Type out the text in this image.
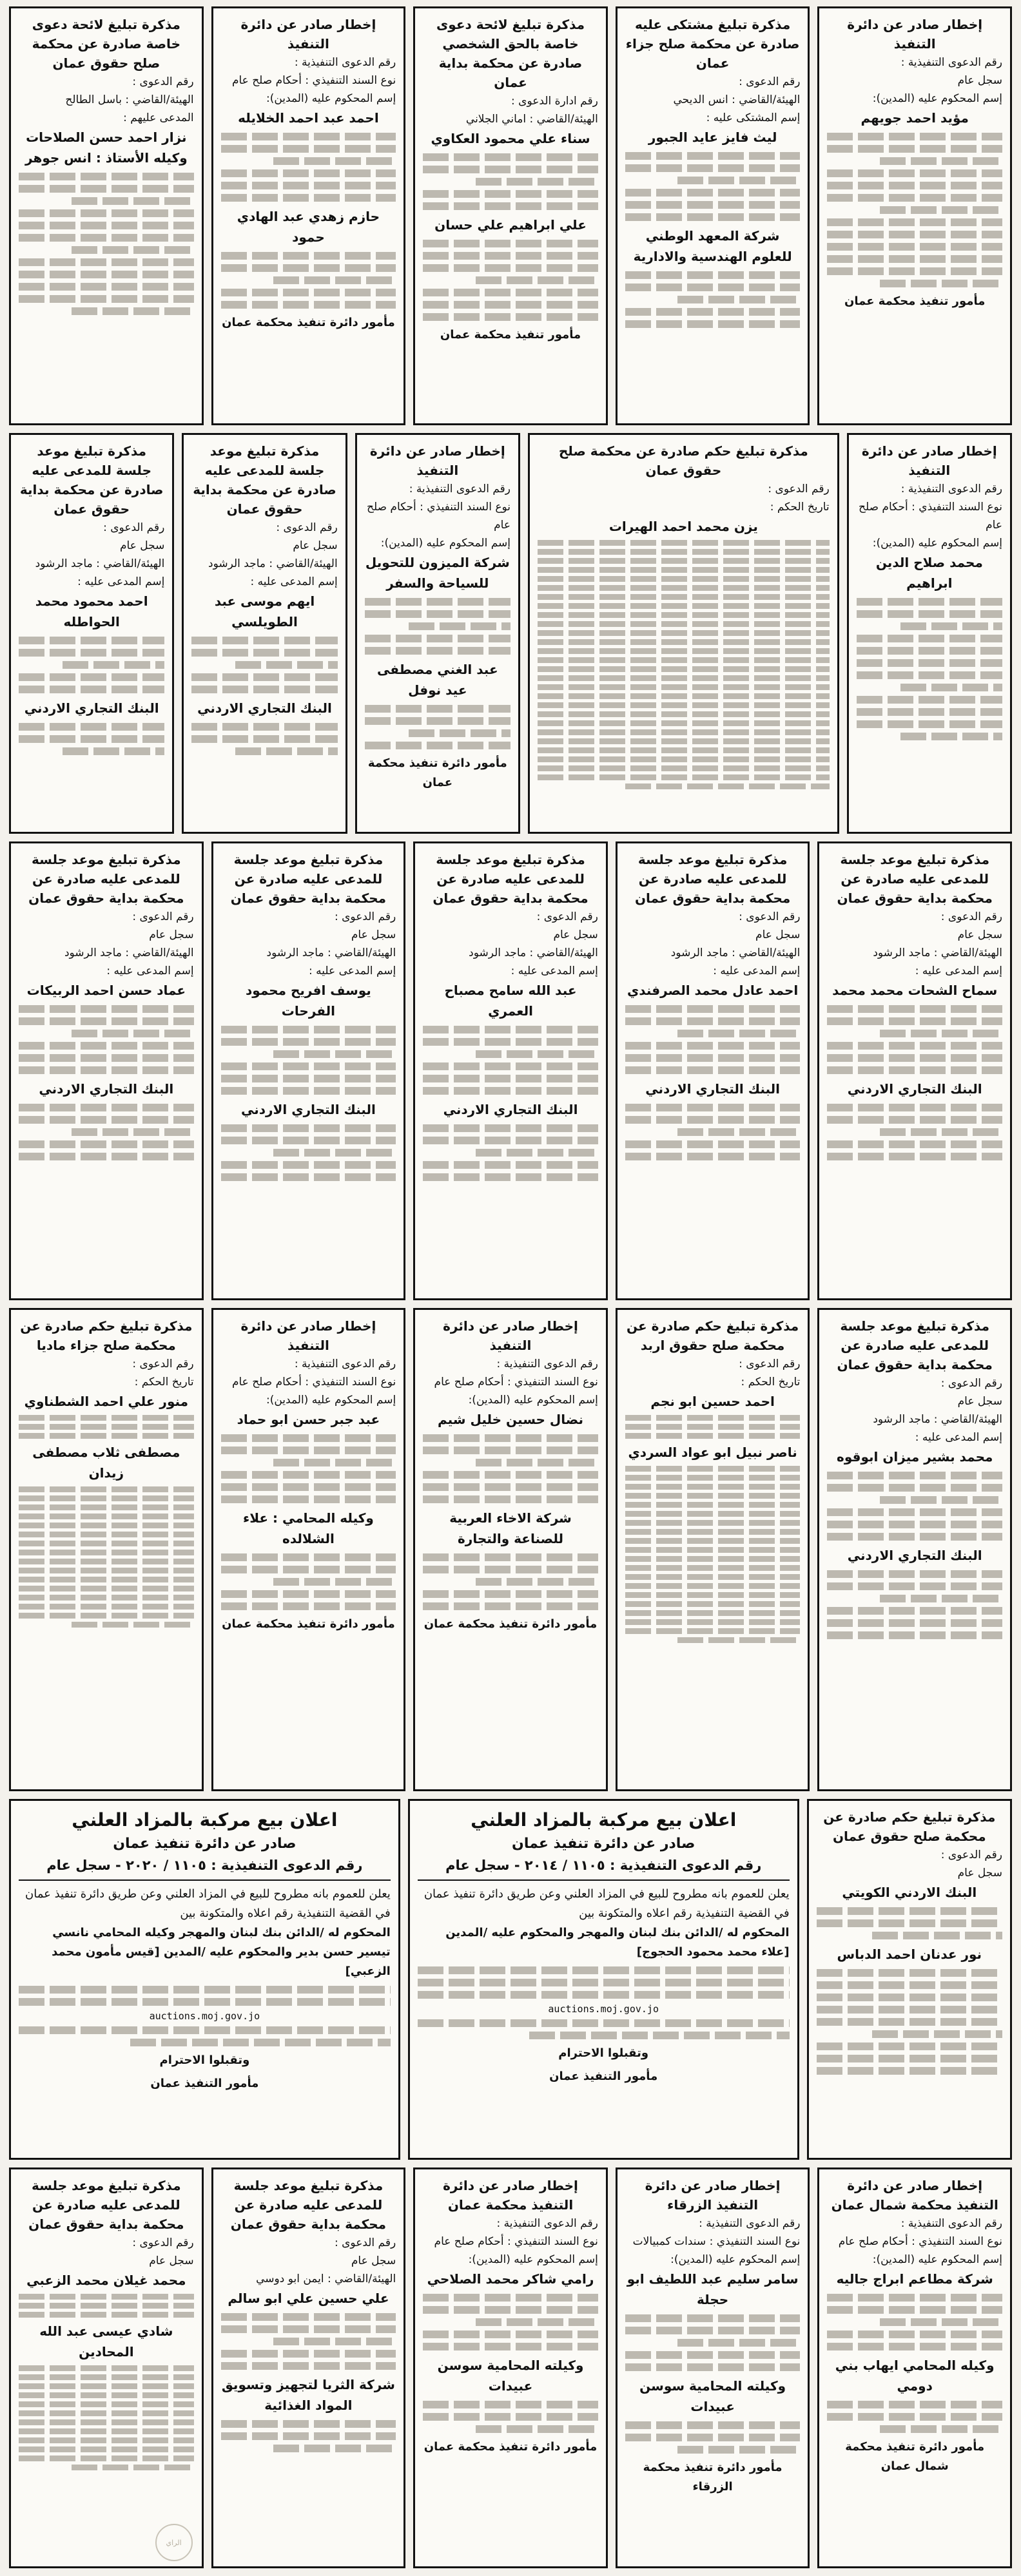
إخطار صادر عن دائرة التنفيذ
رقم الدعوى التنفيذية :
سجل عام
إسم المحكوم عليه (المدين):
مؤيد احمد جويهم
مأمور تنفيذ محكمة عمان
مذكرة تبليغ مشتكى عليه صادرة عن محكمة صلح جزاء عمان
رقم الدعوى :
الهيئة/القاضي : انس الديحي
إسم المشتكى عليه :
ليث فايز عايد الجبور
شركة المعهد الوطني للعلوم الهندسية والادارية
مذكرة تبليغ لائحة دعوى خاصة بالحق الشخصي صادرة عن محكمة بداية عمان
رقم ادارة الدعوى :
الهيئة/القاضي : اماني الجلاني
سناء علي محمود العكاوي
علي ابراهيم علي حسان
مأمور تنفيذ محكمة عمان
إخطار صادر عن دائرة التنفيذ
رقم الدعوى التنفيذية :
نوع السند التنفيذي : أحكام صلح عام
إسم المحكوم عليه (المدين):
احمد عبد احمد الخلايله
حازم زهدي عبد الهادي حمود
مأمور دائرة تنفيذ محكمة عمان
مذكرة تبليغ لائحة دعوى خاصة صادرة عن محكمة صلح حقوق عمان
رقم الدعوى :
الهيئة/القاضي : باسل الطالح
المدعى عليهم :
نزار احمد حسن الصلاحات
وكيله الأستاذ : انس جوهر
إخطار صادر عن دائرة التنفيذ
رقم الدعوى التنفيذية :
نوع السند التنفيذي : أحكام صلح عام
إسم المحكوم عليه (المدين):
محمد صلاح الدين ابراهيم
مذكرة تبليغ حكم صادرة عن محكمة صلح حقوق عمان
رقم الدعوى :
تاريخ الحكم :
يزن محمد احمد الهيرات
إخطار صادر عن دائرة التنفيذ
رقم الدعوى التنفيذية :
نوع السند التنفيذي : أحكام صلح عام
إسم المحكوم عليه (المدين):
شركة الميزون للتحويل للسياحة والسفر
عبد الغني مصطفى عيد نوفل
مأمور دائرة تنفيذ محكمة عمان
مذكرة تبليغ موعد جلسة للمدعى عليه صادرة عن محكمة بداية حقوق عمان
رقم الدعوى :
سجل عام
الهيئة/القاضي : ماجد الرشود
إسم المدعى عليه :
ايهم موسى عبد الطويلسي
البنك التجاري الاردني
مذكرة تبليغ موعد جلسة للمدعى عليه صادرة عن محكمة بداية حقوق عمان
رقم الدعوى :
سجل عام
الهيئة/القاضي : ماجد الرشود
إسم المدعى عليه :
احمد محمود محمد الحواطله
البنك التجاري الاردني
مذكرة تبليغ موعد جلسة للمدعى عليه صادرة عن محكمة بداية حقوق عمان
رقم الدعوى :
سجل عام
الهيئة/القاضي : ماجد الرشود
إسم المدعى عليه :
سماح الشحات محمد محمد
البنك التجاري الاردني
مذكرة تبليغ موعد جلسة للمدعى عليه صادرة عن محكمة بداية حقوق عمان
رقم الدعوى :
سجل عام
الهيئة/القاضي : ماجد الرشود
إسم المدعى عليه :
احمد عادل محمد الصرفندي
البنك التجاري الاردني
مذكرة تبليغ موعد جلسة للمدعى عليه صادرة عن محكمة بداية حقوق عمان
رقم الدعوى :
سجل عام
الهيئة/القاضي : ماجد الرشود
إسم المدعى عليه :
عبد الله سامح مصباح العمري
البنك التجاري الاردني
مذكرة تبليغ موعد جلسة للمدعى عليه صادرة عن محكمة بداية حقوق عمان
رقم الدعوى :
سجل عام
الهيئة/القاضي : ماجد الرشود
إسم المدعى عليه :
يوسف افريح محمود الفرحات
البنك التجاري الاردني
مذكرة تبليغ موعد جلسة للمدعى عليه صادرة عن محكمة بداية حقوق عمان
رقم الدعوى :
سجل عام
الهيئة/القاضي : ماجد الرشود
إسم المدعى عليه :
عماد حسن احمد الربيكات
البنك التجاري الاردني
مذكرة تبليغ موعد جلسة للمدعى عليه صادرة عن محكمة بداية حقوق عمان
رقم الدعوى :
سجل عام
الهيئة/القاضي : ماجد الرشود
إسم المدعى عليه :
محمد بشير ميزان ابوقوه
البنك التجاري الاردني
مذكرة تبليغ حكم صادرة عن محكمة صلح حقوق اربد
رقم الدعوى :
تاريخ الحكم :
احمد حسين ابو نجم
ناصر نبيل ابو عواد السردي
إخطار صادر عن دائرة التنفيذ
رقم الدعوى التنفيذية :
نوع السند التنفيذي : أحكام صلح عام
إسم المحكوم عليه (المدين):
نضال حسين خليل شيم
شركة الاخاء العربية للصناعة والتجارة
مأمور دائرة تنفيذ محكمة عمان
إخطار صادر عن دائرة التنفيذ
رقم الدعوى التنفيذية :
نوع السند التنفيذي : أحكام صلح عام
إسم المحكوم عليه (المدين):
عبد جبر حسن ابو حماد
وكيله المحامي : علاء الشلالده
مأمور دائرة تنفيذ محكمة عمان
مذكرة تبليغ حكم صادرة عن محكمة صلح جزاء ماديا
رقم الدعوى :
تاريخ الحكم :
منور علي احمد الشطناوي
مصطفى ثلاب مصطفى زيدان
مذكرة تبليغ حكم صادرة عن محكمة صلح حقوق عمان
رقم الدعوى :
سجل عام
البنك الاردني الكويتي
نور عدنان احمد الدباس
اعلان بيع مركبة بالمزاد العلني
صادر عن دائرة تنفيذ عمان
رقم الدعوى التنفيذية : ١١٠٥ / ٢٠١٤ - سجل عام
يعلن للعموم بانه مطروح للبيع في المزاد العلني وعن طريق دائرة تنفيذ عمان في القضية التنفيذية رقم اعلاه والمتكونة بين
المحكوم له /الدائن بنك لبنان والمهجر والمحكوم عليه /المدين [علاء محمد محمود الحجوج]
auctions.moj.gov.jo
وتقبلوا الاحترام
مأمور التنفيذ عمان
اعلان بيع مركبة بالمزاد العلني
صادر عن دائرة تنفيذ عمان
رقم الدعوى التنفيذية : ١١٠٥ / ٢٠٢٠ - سجل عام
يعلن للعموم بانه مطروح للبيع في المزاد العلني وعن طريق دائرة تنفيذ عمان في القضية التنفيذية رقم اعلاه والمتكونة بين
المحكوم له /الدائن بنك لبنان والمهجر وكيله المحامي نانسي تيسير حسن بدير والمحكوم عليه /المدين [قيس مأمون محمد الزعبي]
auctions.moj.gov.jo
وتقبلوا الاحترام
مأمور التنفيذ عمان
إخطار صادر عن دائرة التنفيذ محكمة شمال عمان
رقم الدعوى التنفيذية :
نوع السند التنفيذي : أحكام صلح عام
إسم المحكوم عليه (المدين):
شركة مطاعم ابراج جاليه
وكيله المحامي ايهاب بني دومي
مأمور دائرة تنفيذ محكمة شمال عمان
إخطار صادر عن دائرة التنفيذ الزرقاء
رقم الدعوى التنفيذية :
نوع السند التنفيذي : سندات كمبيالات
إسم المحكوم عليه (المدين):
سامر سليم عبد اللطيف ابو حجلة
وكيلته المحامية سوسن عبيدات
مأمور دائرة تنفيذ محكمة الزرقاء
إخطار صادر عن دائرة التنفيذ محكمة عمان
رقم الدعوى التنفيذية :
نوع السند التنفيذي : أحكام صلح عام
إسم المحكوم عليه (المدين):
رامي شاكر محمد الصلاحي
وكيلته المحامية سوسن عبيدات
مأمور دائرة تنفيذ محكمة عمان
مذكرة تبليغ موعد جلسة للمدعى عليه صادرة عن محكمة بداية حقوق عمان
رقم الدعوى :
سجل عام
الهيئة/القاضي : ايمن ابو دوسي
علي حسين علي ابو سالم
شركة الثريا لتجهيز وتسويق المواد الغذائية
مذكرة تبليغ موعد جلسة للمدعى عليه صادرة عن محكمة بداية حقوق عمان
رقم الدعوى :
سجل عام
محمد غيلان محمد الزعبي
شادي عيسى عبد الله المحادين
الراي
